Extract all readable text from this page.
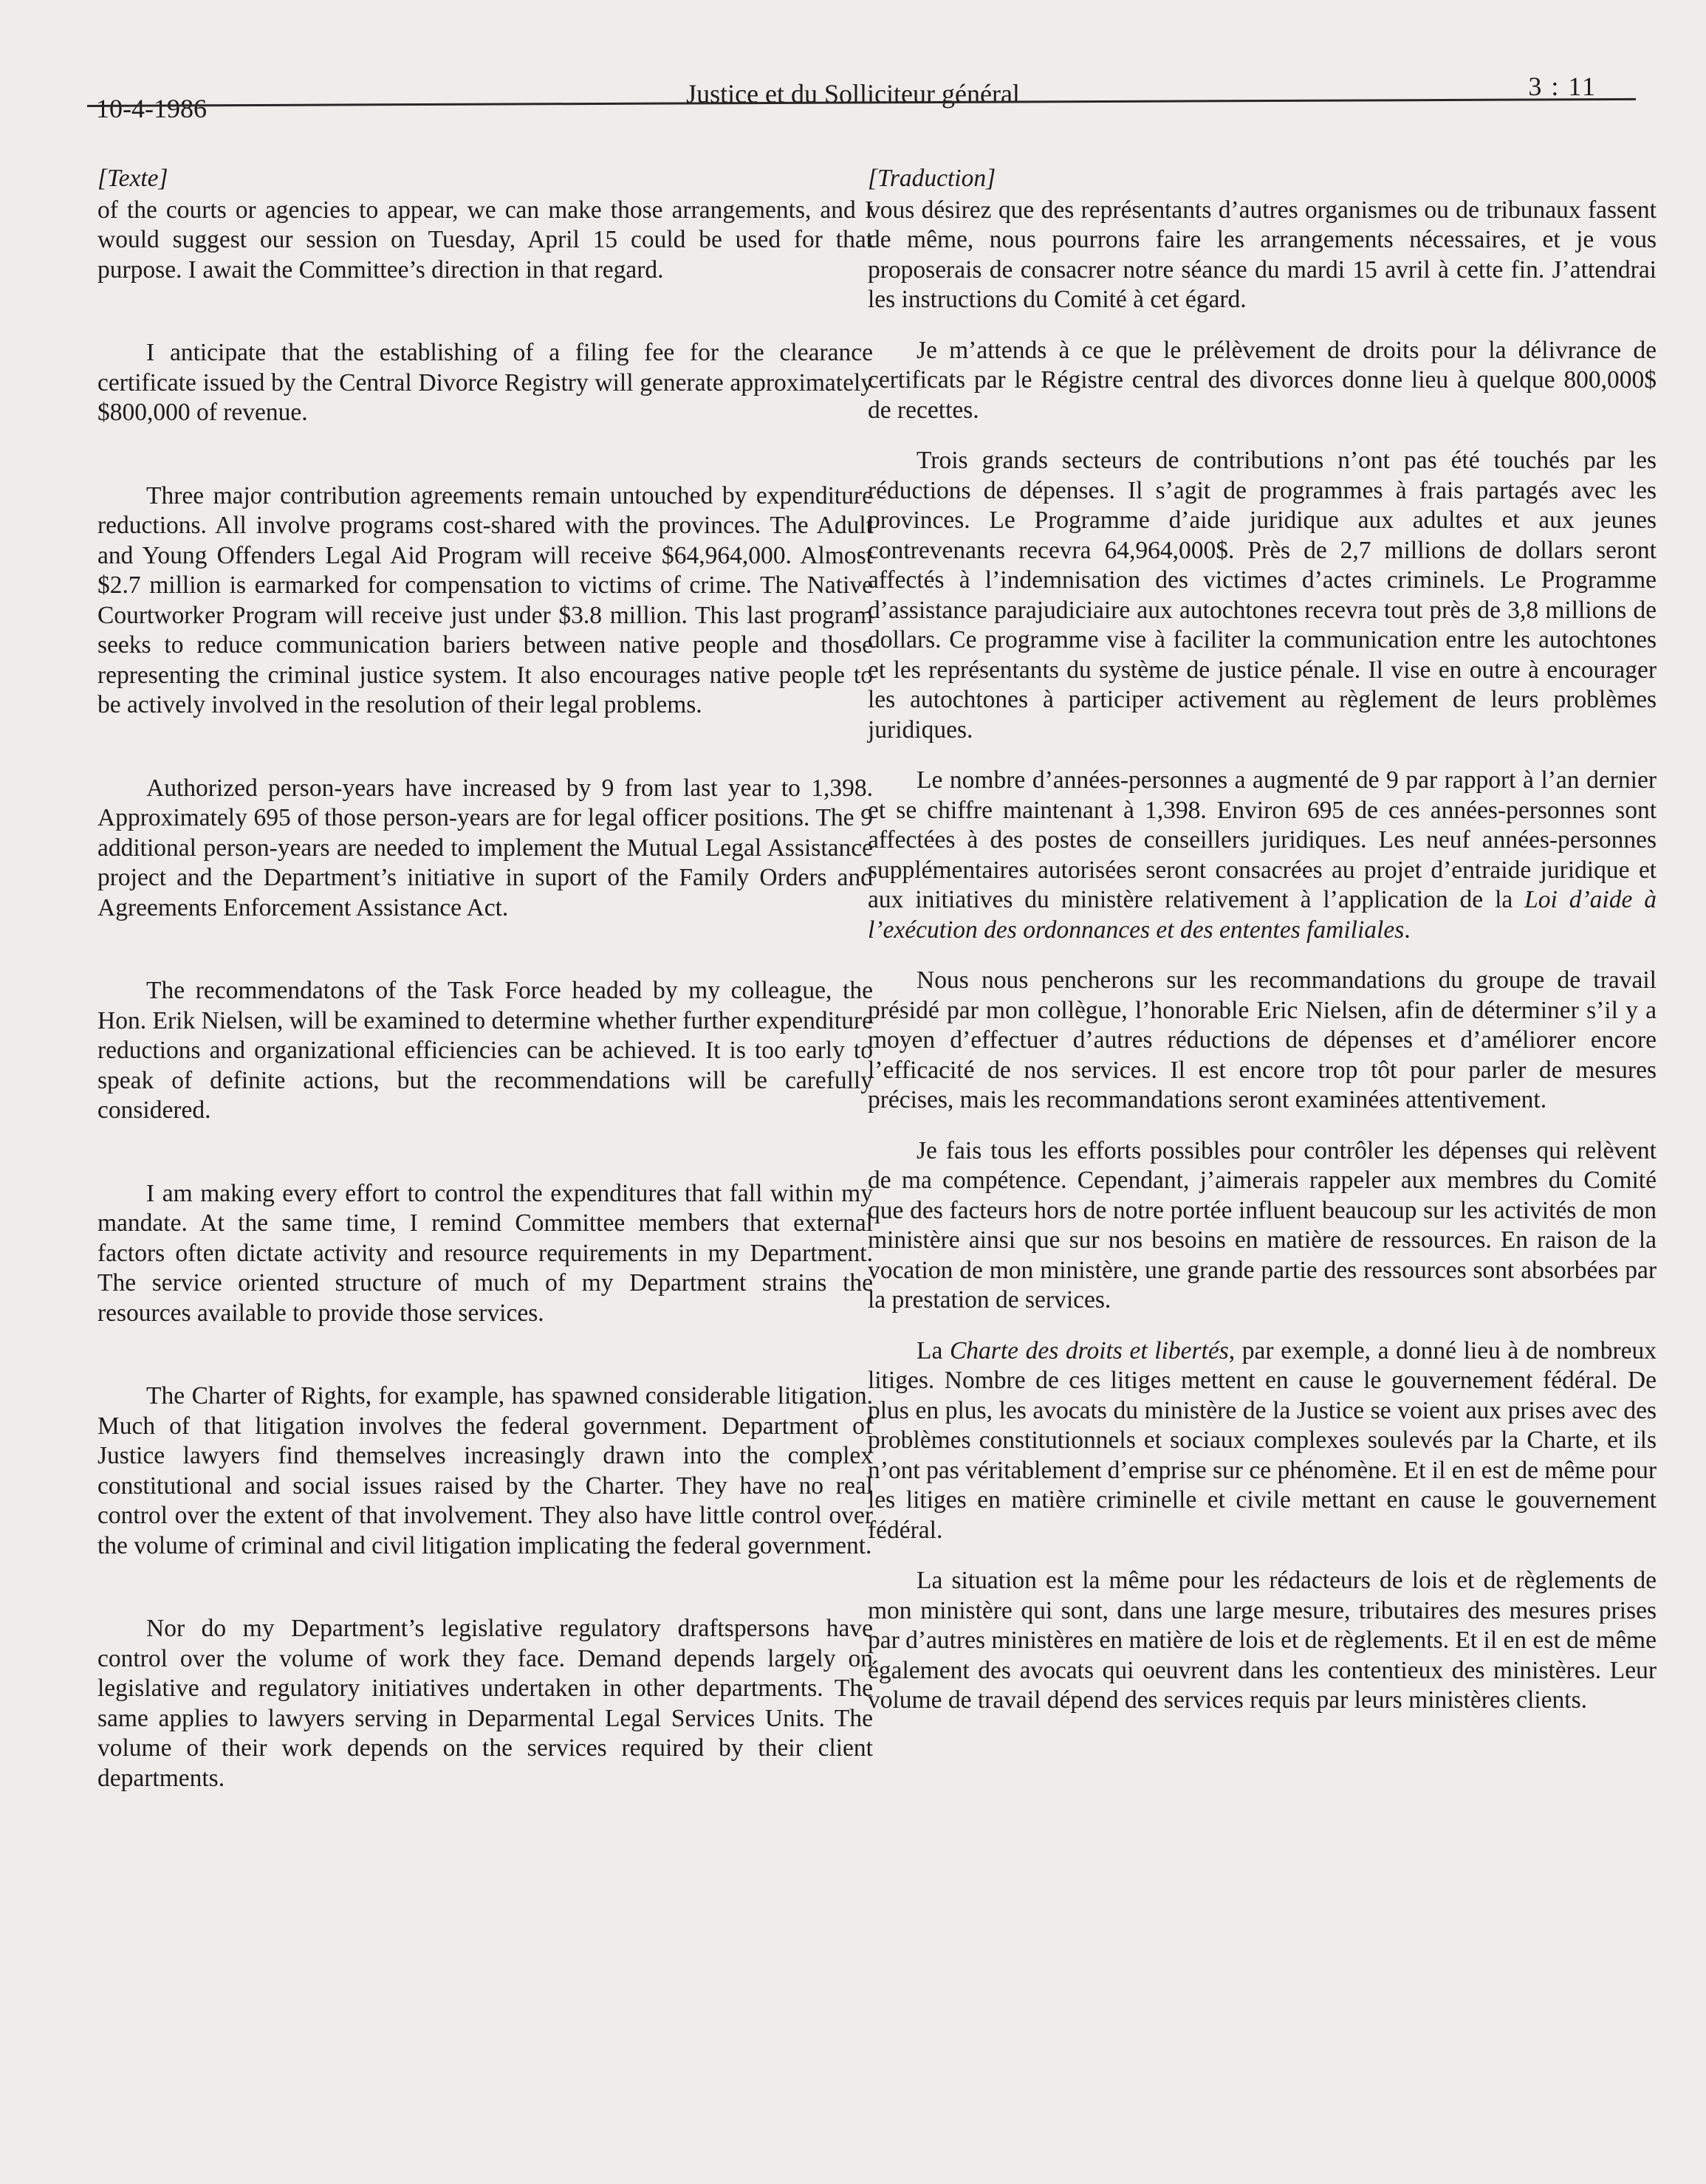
10-4-1986	Justice et du Solliciteur général	3 : 11
[Texte]

of the courts or agencies to appear, we can make those arrangements, and I would suggest our session on Tuesday, April 15 could be used for that purpose. I await the Committee’s direction in that regard.

I anticipate that the establishing of a filing fee for the clearance certificate issued by the Central Divorce Registry will generate approximately $800,000 of revenue.

Three major contribution agreements remain untouched by expenditure reductions. All involve programs cost-shared with the provinces. The Adult and Young Offenders Legal Aid Program will receive $64,964,000. Almost $2.7 million is earmarked for compensation to victims of crime. The Native Courtworker Program will receive just under $3.8 million. This last program seeks to reduce communication bariers between native people and those representing the criminal justice system. It also encourages native people to be actively involved in the resolution of their legal problems.

Authorized person-years have increased by 9 from last year to 1,398. Approximately 695 of those person-years are for legal officer positions. The 9 additional person-years are needed to implement the Mutual Legal Assistance project and the Department’s initiative in suport of the Family Orders and Agreements Enforcement Assistance Act.

The recommendatons of the Task Force headed by my colleague, the Hon. Erik Nielsen, will be examined to determine whether further expenditure reductions and organizational efficiencies can be achieved. It is too early to speak of definite actions, but the recommendations will be carefully considered.

I am making every effort to control the expenditures that fall within my mandate. At the same time, I remind Committee members that external factors often dictate activity and resource requirements in my Department. The service oriented structure of much of my Department strains the resources available to provide those services.

The Charter of Rights, for example, has spawned considerable litigation. Much of that litigation involves the federal government. Department of Justice lawyers find themselves increasingly drawn into the complex constitutional and social issues raised by the Charter. They have no real control over the extent of that involvement. They also have little control over the volume of criminal and civil litigation implicating the federal government.

Nor do my Department’s legislative regulatory draftspersons have control over the volume of work they face. Demand depends largely on legislative and regulatory initiatives undertaken in other departments. The same applies to lawyers serving in Deparmental Legal Services Units. The volume of their work depends on the services required by their client departments.

[Traduction]

vous désirez que des représentants d’autres organismes ou de tribunaux fassent de même, nous pourrons faire les arrangements nécessaires, et je vous proposerais de consacrer notre séance du mardi 15 avril à cette fin. J’attendrai les instructions du Comité à cet égard.

Je m’attends à ce que le prélèvement de droits pour la délivrance de certificats par le Régistre central des divorces donne lieu à quelque 800,000$ de recettes.

Trois grands secteurs de contributions n’ont pas été touchés par les réductions de dépenses. Il s’agit de programmes à frais partagés avec les provinces. Le Programme d’aide juridique aux adultes et aux jeunes contrevenants recevra 64,964,000$. Près de 2,7 millions de dollars seront affectés à l’indemnisation des victimes d’actes criminels. Le Programme d’assistance parajudiciaire aux autochtones recevra tout près de 3,8 millions de dollars. Ce programme vise à faciliter la communication entre les autochtones et les représentants du système de justice pénale. Il vise en outre à encourager les autochtones à participer activement au règlement de leurs problèmes juridiques.

Le nombre d’années-personnes a augmenté de 9 par rapport à l’an dernier et se chiffre maintenant à 1,398. Environ 695 de ces années-personnes sont affectées à des postes de conseillers juridiques. Les neuf années-personnes supplémentaires autorisées seront consacrées au projet d’entraide juridique et aux initiatives du ministère relativement à l’application de la Loi d’aide à l’exécution des ordonnances et des ententes familiales.

Nous nous pencherons sur les recommandations du groupe de travail présidé par mon collègue, l’honorable Eric Nielsen, afin de déterminer s’il y a moyen d’effectuer d’autres réductions de dépenses et d’améliorer encore l’efficacité de nos services. Il est encore trop tôt pour parler de mesures précises, mais les recommandations seront examinées attentivement.

Je fais tous les efforts possibles pour contrôler les dépenses qui relèvent de ma compétence. Cependant, j’aimerais rappeler aux membres du Comité que des facteurs hors de notre portée influent beaucoup sur les activités de mon ministère ainsi que sur nos besoins en matière de ressources. En raison de la vocation de mon ministère, une grande partie des ressources sont absorbées par la prestation de services.

La Charte des droits et libertés, par exemple, a donné lieu à de nombreux litiges. Nombre de ces litiges mettent en cause le gouvernement fédéral. De plus en plus, les avocats du ministère de la Justice se voient aux prises avec des problèmes constitutionnels et sociaux complexes soulevés par la Charte, et ils n’ont pas véritablement d’emprise sur ce phénomène. Et il en est de même pour les litiges en matière criminelle et civile mettant en cause le gouvernement fédéral.

La situation est la même pour les rédacteurs de lois et de règlements de mon ministère qui sont, dans une large mesure, tributaires des mesures prises par d’autres ministères en matière de lois et de règlements. Et il en est de même également des avocats qui oeuvrent dans les contentieux des ministères. Leur volume de travail dépend des services requis par leurs ministères clients.
